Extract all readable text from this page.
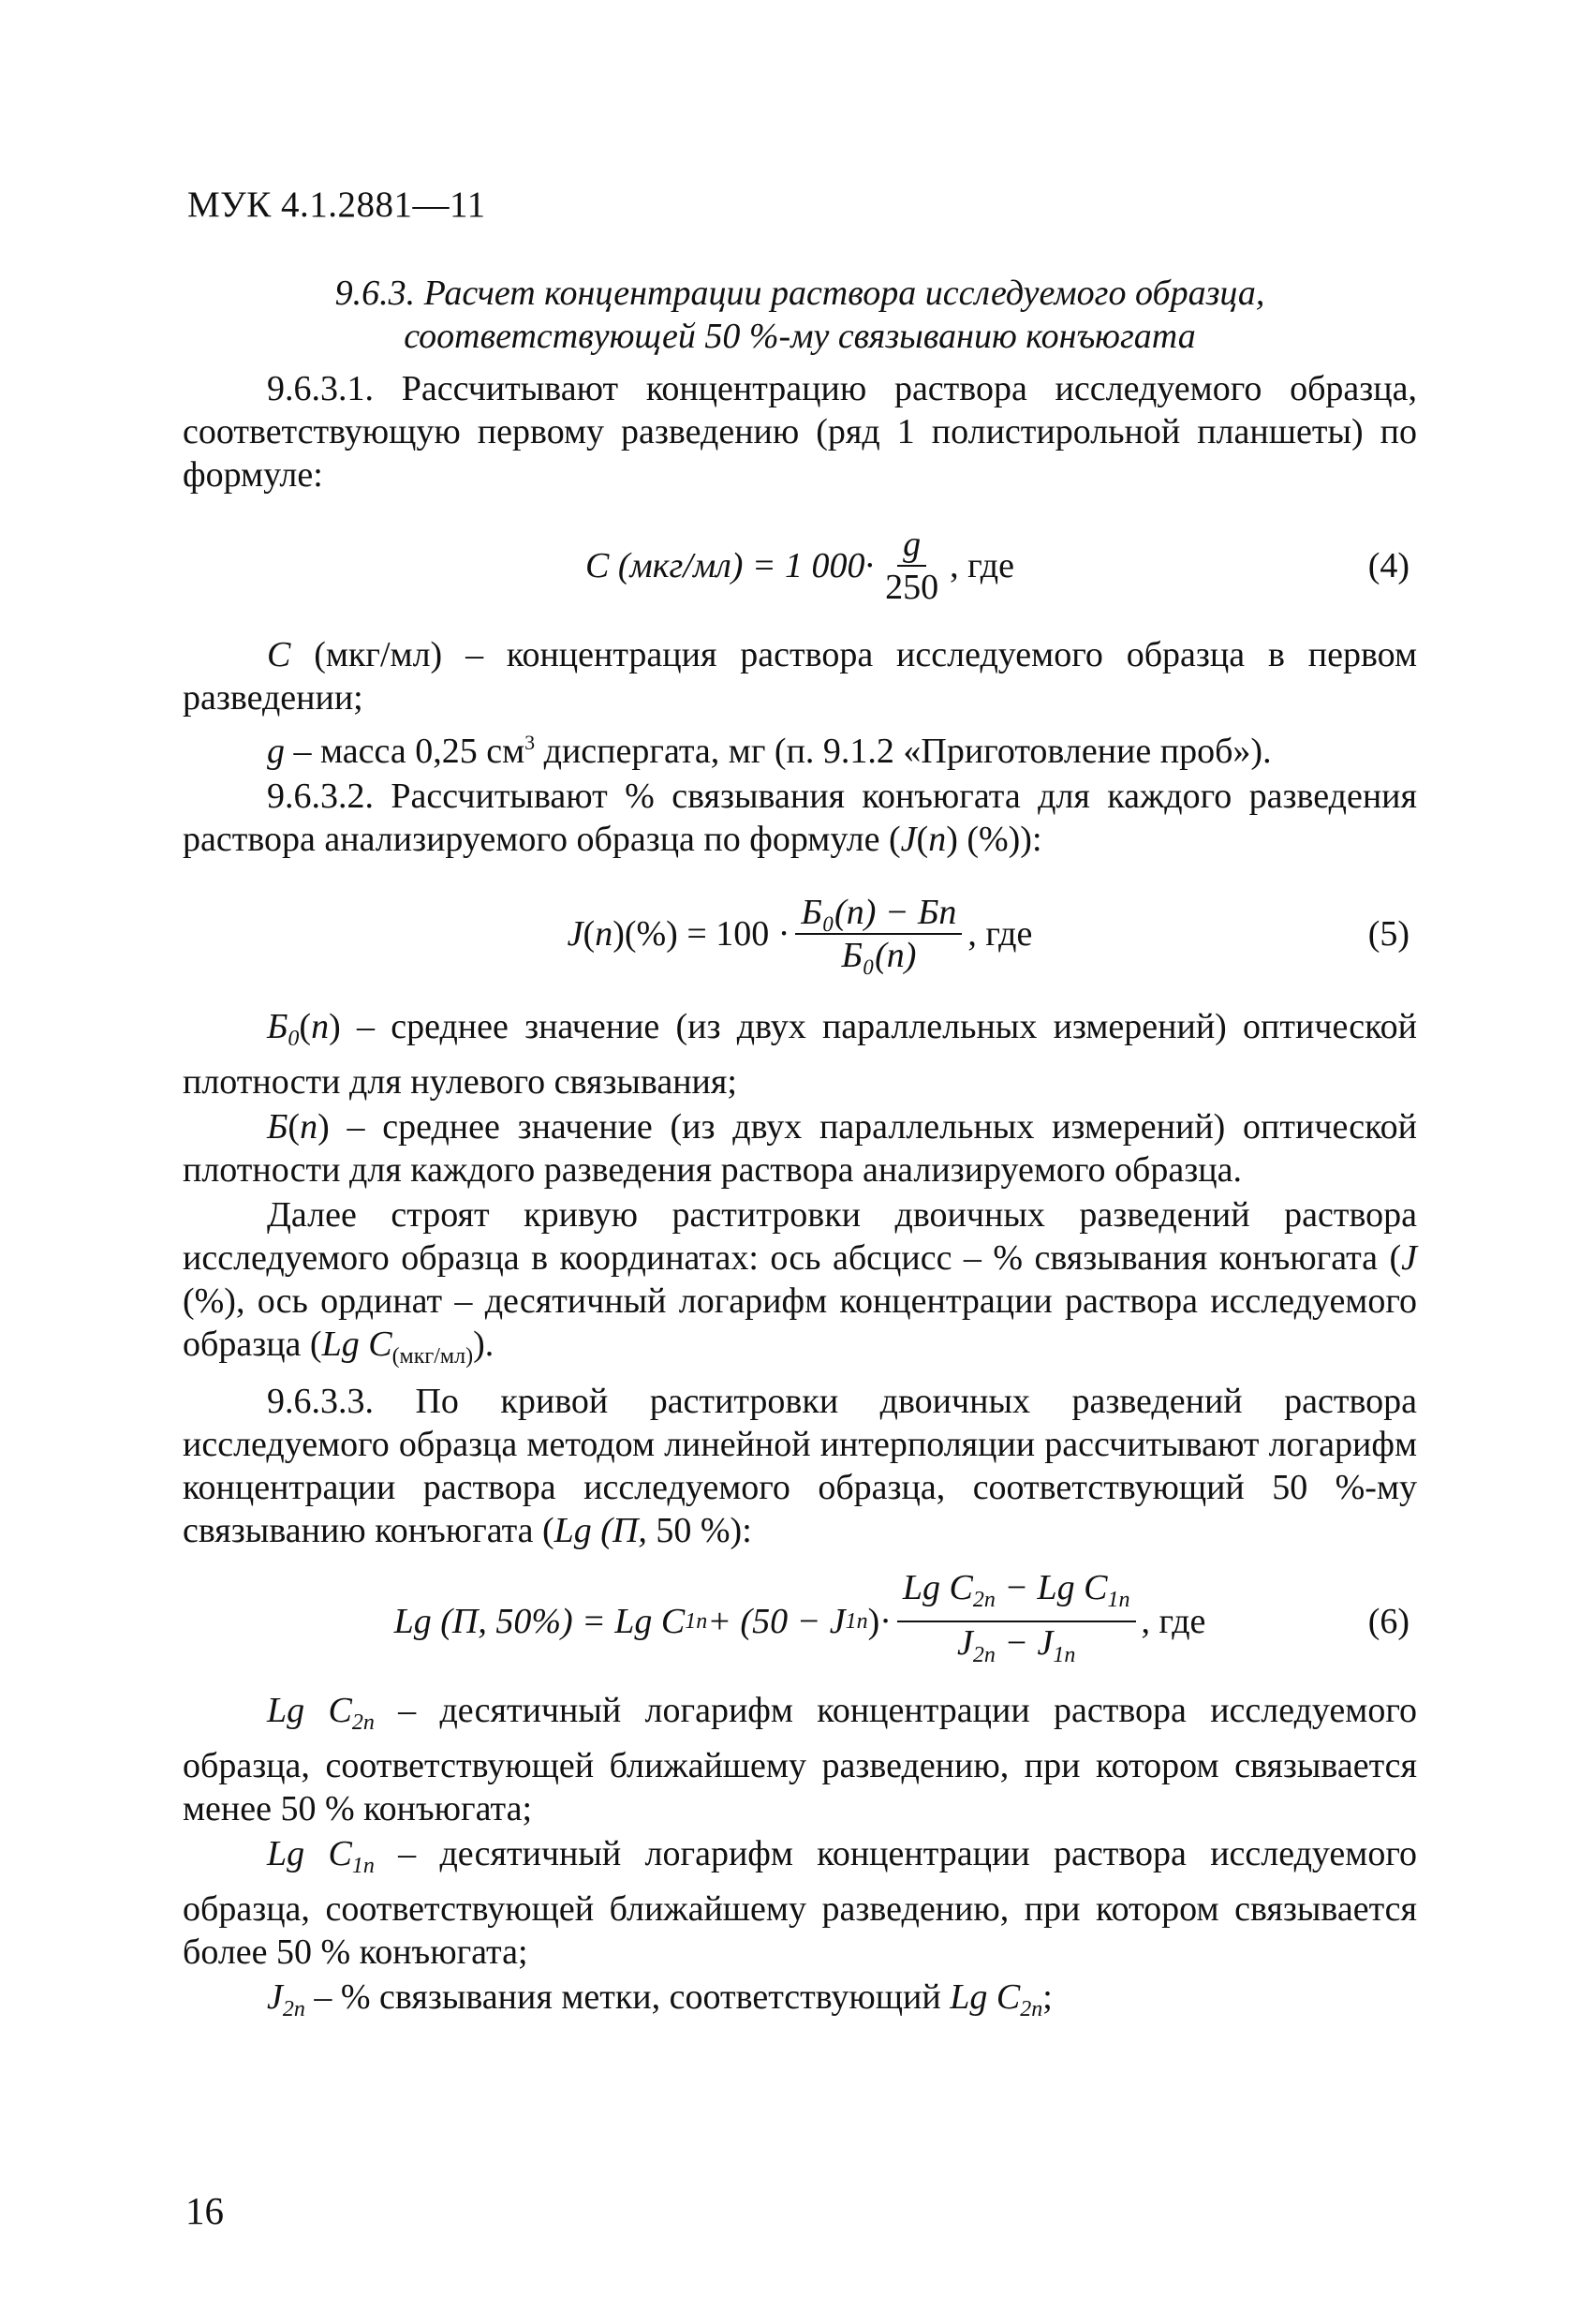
МУК 4.1.2881—11
9.6.3. Расчет концентрации раствора исследуемого образца, соответствующей 50 %-му связыванию конъюгата

9.6.3.1. Рассчитывают концентрацию раствора исследуемого образца, соответствующую первому разведению (ряд 1 полистирольной планшеты) по формуле:

C (мкг/мл) = 1 $000\cdot \frac{g}{250}$ , где	(4)

C (мкг/мл) – концентрация раствора исследуемого образца в первом разведении;

g – масса 0,25 $см^3$ диспергата, мг (п. 9.1.2 «Приготовление проб»).

9.6.3.2. Рассчитывают % связывания конъюгата для каждого разведения раствора анализируемого образца по формуле (J(n) (%)):

J ( n ) (%) = $100 \cdot \frac{\text{Б₀(n) − Бn}}{\text{Б₀(n)}}$ , где	(5)

$Б_0(n)$ – среднее значение (из двух параллельных измерений) оптической плотности для нулевого связывания;

Б(n) – среднее значение (из двух параллельных измерений) оптической плотности для каждого разведения раствора анализируемого образца.

Далее строят кривую раститровки двоичных разведений раствора исследуемого образца в координатах: ось абсцисс – % связывания конъюгата (J (%), ось ординат – десятичный логарифм концентрации раствора исследуемого образца (Lg $C_{(мкг/мл)}$).

9.6.3.3. По кривой раститровки двоичных разведений раствора исследуемого образца методом линейной интерполяции рассчитывают логарифм концентрации раствора исследуемого образца, соответствующий 50 %-му связыванию конъюгата (Lg (П, 50 %):

Lg (П, 50%) = Lg C 1п + (50 − J 1п )· $\frac{Lg C_{2п} - Lg C_{1п}}{J_{2п} - J_{1п}}$ , где	(6)

Lg $C_{2п}$ – десятичный логарифм концентрации раствора исследуемого образца, соответствующей ближайшему разведению, при котором связывается менее 50 % конъюгата;

Lg $C_{1п}$ – десятичный логарифм концентрации раствора исследуемого образца, соответствующей ближайшему разведению, при котором связывается более 50 % конъюгата;

$J_{2п}$ – % связывания метки, соответствующий Lg $C_{2п}$;

16
